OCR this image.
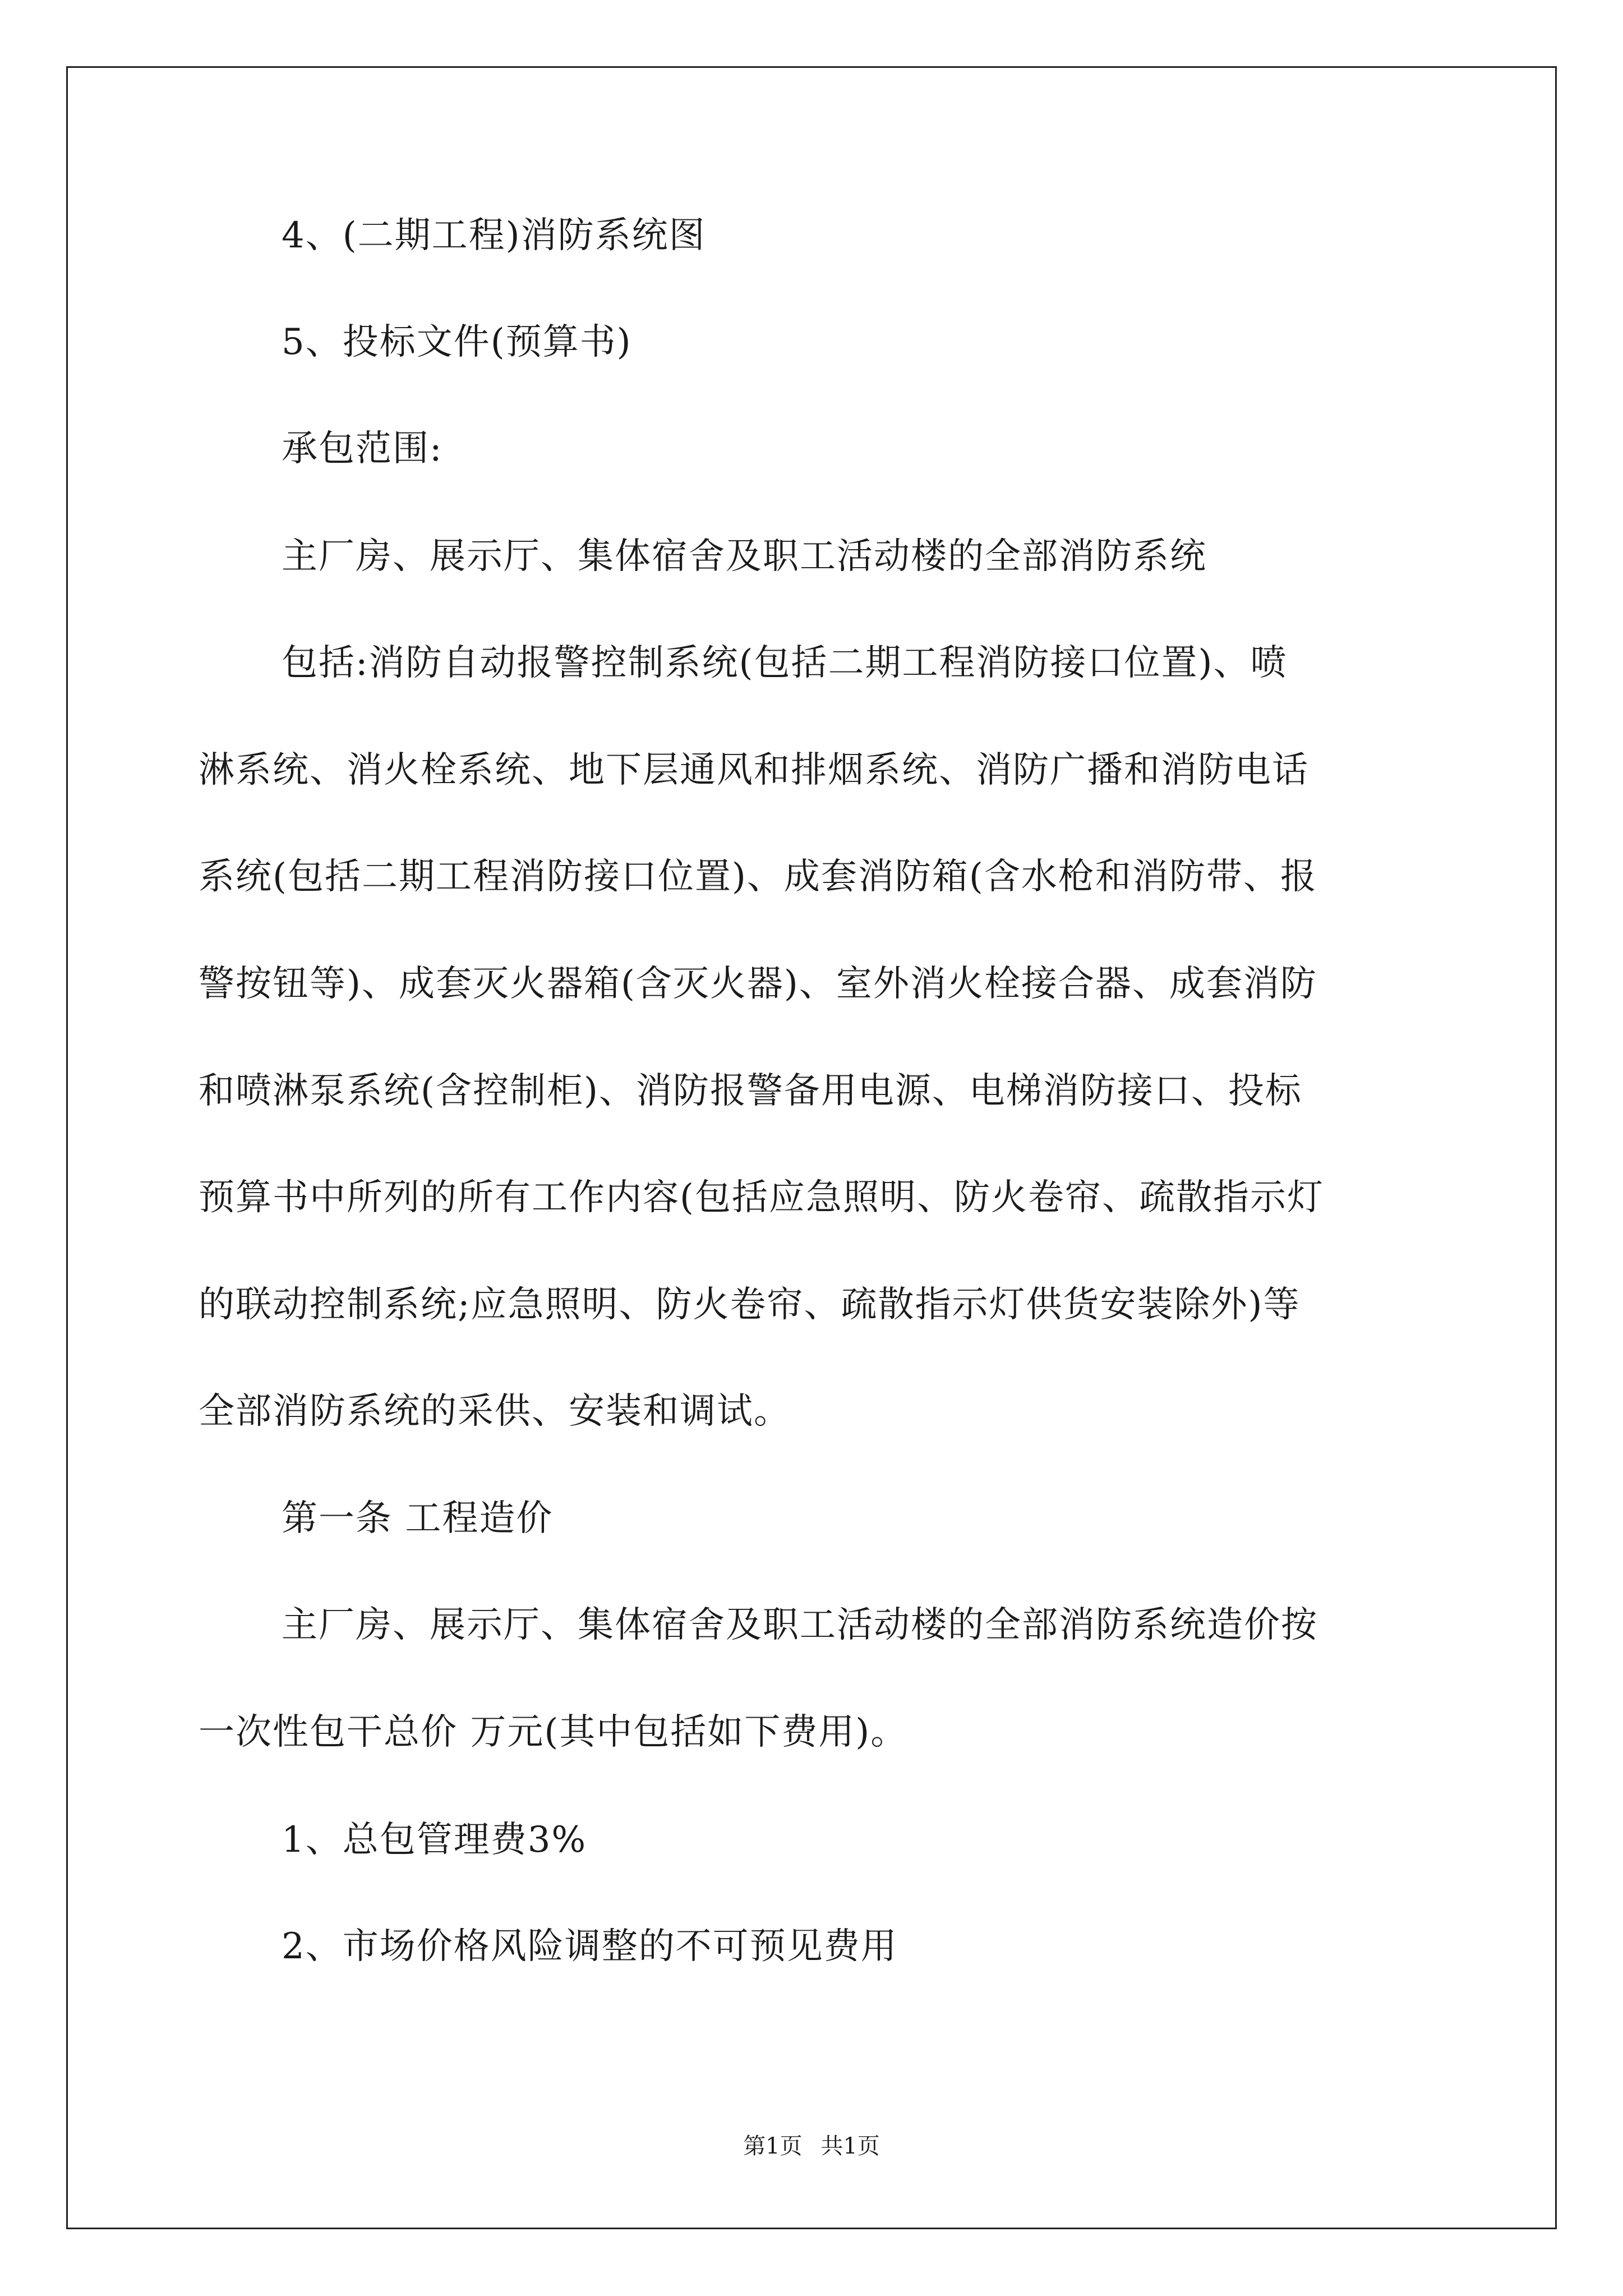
4、(二期工程)消防系统图
5、投标文件(预算书)
承包范围:
主厂房、展示厅、集体宿舍及职工活动楼的全部消防系统
包括:消防自动报警控制系统(包括二期工程消防接口位置)、喷
淋系统、消火栓系统、地下层通风和排烟系统、消防广播和消防电话
系统(包括二期工程消防接口位置)、成套消防箱(含水枪和消防带、报
警按钮等)、成套灭火器箱(含灭火器)、室外消火栓接合器、成套消防
和喷淋泵系统(含控制柜)、消防报警备用电源、电梯消防接口、投标
预算书中所列的所有工作内容(包括应急照明、防火卷帘、疏散指示灯
的联动控制系统;应急照明、防火卷帘、疏散指示灯供货安装除外)等
全部消防系统的采供、安装和调试。
第一条 工程造价
主厂房、展示厅、集体宿舍及职工活动楼的全部消防系统造价按
一次性包干总价 万元(其中包括如下费用)。
1、总包管理费3%
2、市场价格风险调整的不可预见费用
第1页 共1页
